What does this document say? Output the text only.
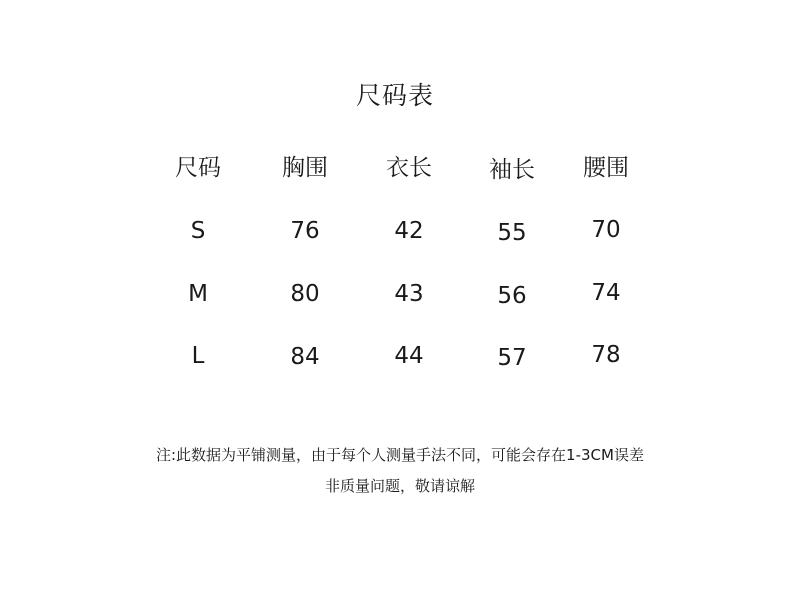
尺码表
尺码	胸围	衣长	袖长	腰围
S	76	42	55	70
M	80	43	56	74
L	84	44	57	78
注:此数据为平铺测量，由于每个人测量手法不同，可能会存在1-3CM误差
非质量问题，敬请谅解
